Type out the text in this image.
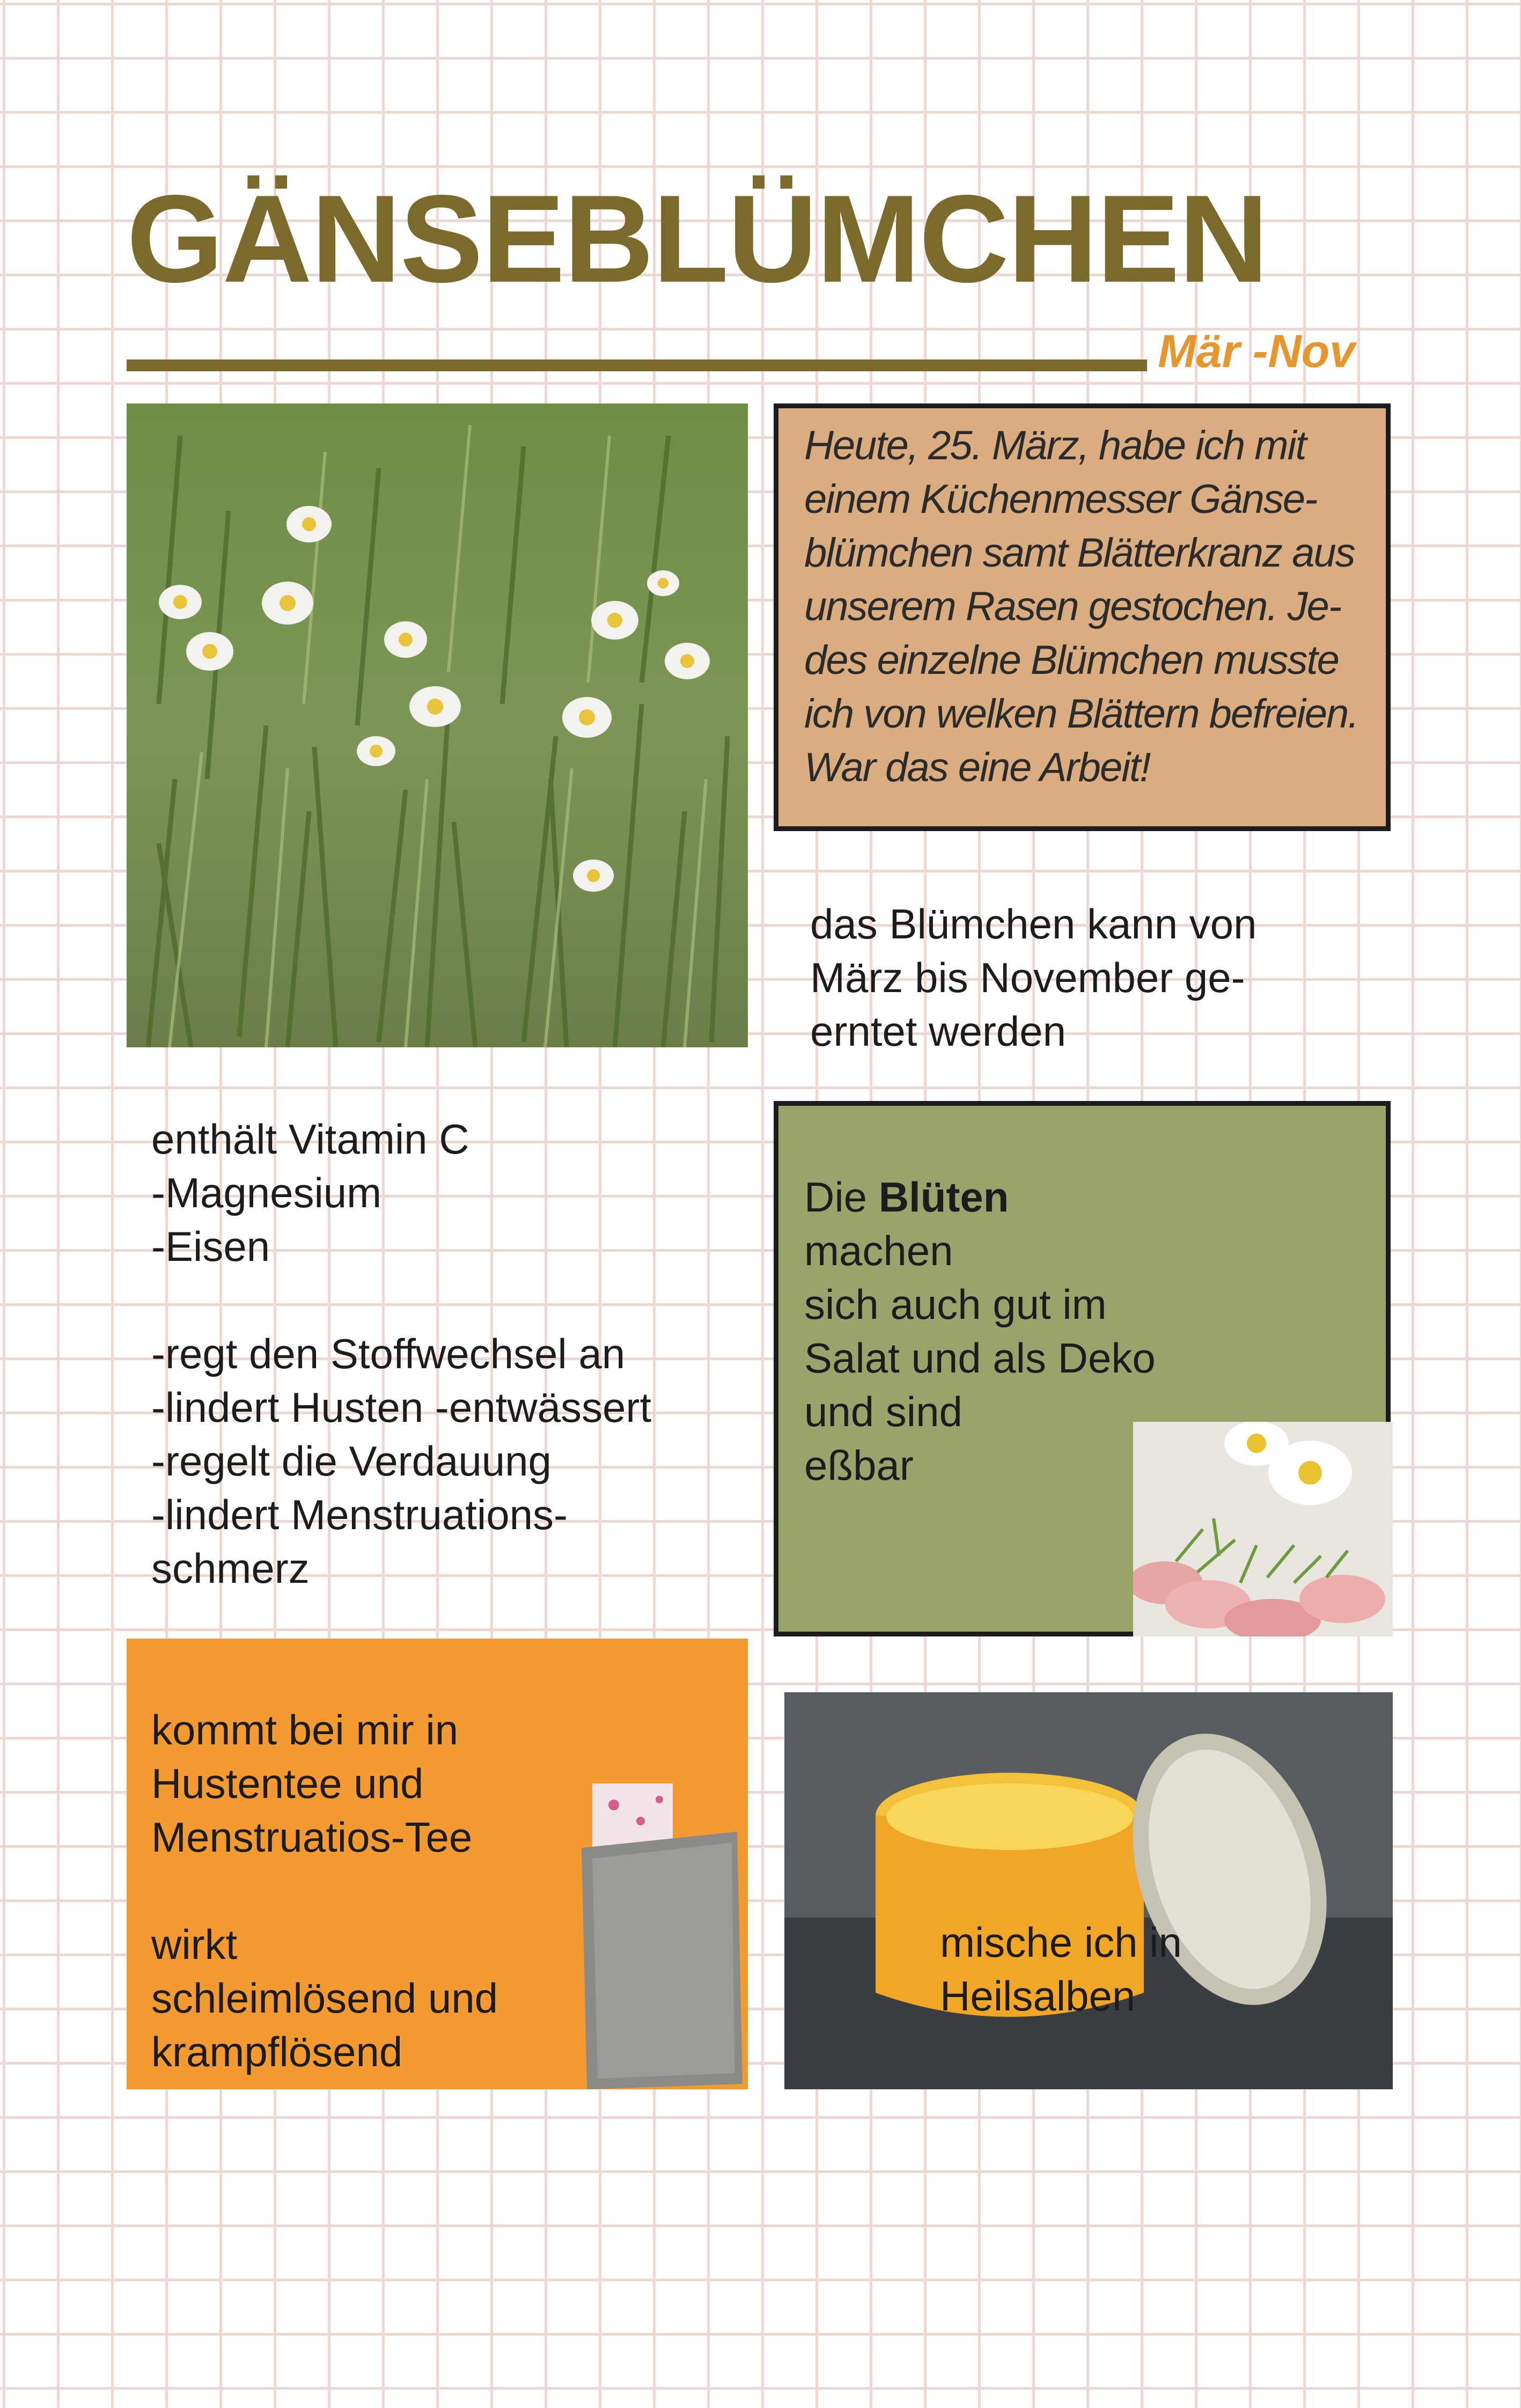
GÄNSEBLÜMCHEN
Mär -Nov
Heute, 25. März, habe ich mit
einem Küchenmesser Gänse-
blümchen samt Blätterkranz aus
unserem Rasen gestochen. Je-
des einzelne Blümchen musste
ich von welken Blättern befreien.
War das eine Arbeit!
das Blümchen kann von
März bis November ge-
erntet werden
enthält Vitamin C
-Magnesium
-Eisen

-regt den Stoffwechsel an
-lindert Husten -entwässert
-regelt die Verdauung
-lindert Menstruations-
schmerz
Die Blüten
machen
sich auch gut im
Salat und als Deko
und sind
eßbar
kommt bei mir in
Hustentee und
Menstruatios-Tee

wirkt
schleimlösend und
krampflösend
mische ich in
Heilsalben
